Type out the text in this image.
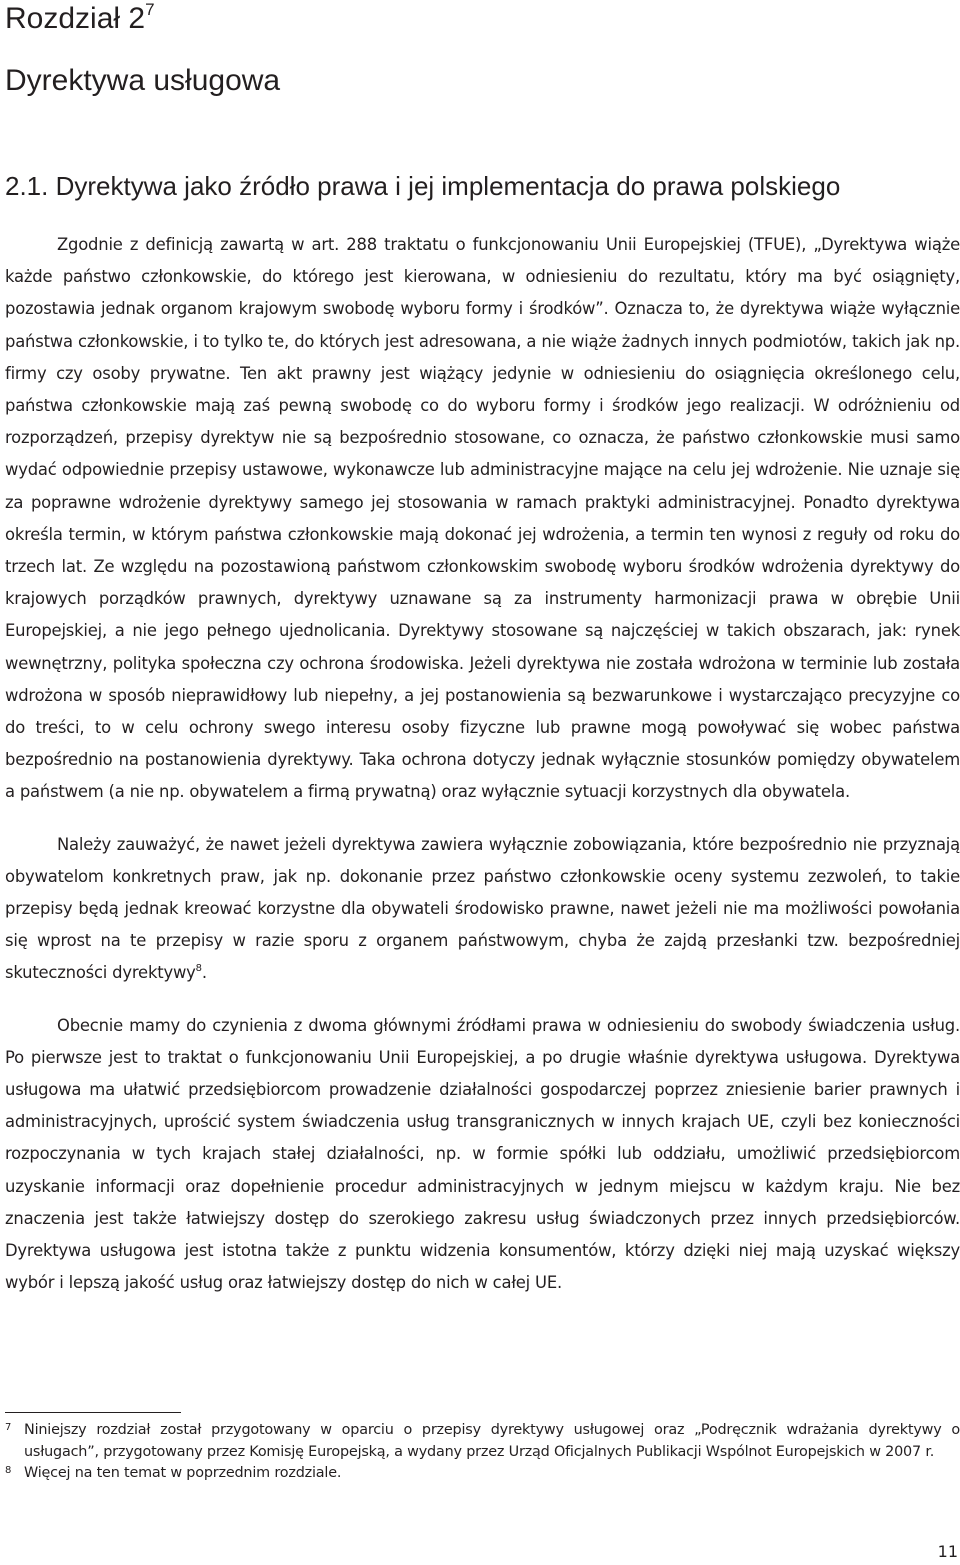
Rozdział $2^7$
Dyrektywa usługowa
2.1. Dyrektywa jako źródło prawa i jej implementacja do prawa polskiego

Zgodnie z definicją zawartą w art. 288 traktatu o funkcjonowaniu Unii Europejskiej (TFUE), „Dyrektywa wiąże każde państwo członkowskie, do którego jest kierowana, w odniesieniu do rezultatu, który ma być osiągnięty, pozostawia jednak organom krajowym swobodę wyboru formy i środków”. Oznacza to, że dyrektywa wiąże wyłącznie państwa członkowskie, i to tylko te, do których jest adresowana, a nie wiąże żadnych innych podmiotów, takich jak np. firmy czy osoby prywatne. Ten akt prawny jest wiążący jedynie w odniesieniu do osiągnięcia określonego celu, państwa członkowskie mają zaś pewną swobodę co do wyboru formy i środków jego realizacji. W odróżnieniu od rozporządzeń, przepisy dyrektyw nie są bezpośrednio stosowane, co oznacza, że państwo członkowskie musi samo wydać odpowiednie przepisy ustawowe, wykonawcze lub administracyjne mające na celu jej wdrożenie. Nie uznaje się za poprawne wdrożenie dyrektywy samego jej stosowania w ramach praktyki administracyjnej. Ponadto dyrektywa określa termin, w którym państwa członkowskie mają dokonać jej wdrożenia, a termin ten wynosi z reguły od roku do trzech lat. Ze względu na pozostawioną państwom członkowskim swobodę wyboru środków wdrożenia dyrektywy do krajowych porządków prawnych, dyrektywy uznawane są za instrumenty harmonizacji prawa w obrębie Unii Europejskiej, a nie jego pełnego ujednolicania. Dyrektywy stosowane są najczęściej w takich obszarach, jak: rynek wewnętrzny, polityka społeczna czy ochrona środowiska. Jeżeli dyrektywa nie została wdrożona w terminie lub została wdrożona w sposób nieprawidłowy lub niepełny, a jej postanowienia są bezwarunkowe i wystarczająco precyzyjne co do treści, to w celu ochrony swego interesu osoby fizyczne lub prawne mogą powoływać się wobec państwa bezpośrednio na postanowienia dyrektywy. Taka ochrona dotyczy jednak wyłącznie stosunków pomiędzy obywatelem a państwem (a nie np. obywatelem a firmą prywatną) oraz wyłącznie sytuacji korzystnych dla obywatela.

Należy zauważyć, że nawet jeżeli dyrektywa zawiera wyłącznie zobowiązania, które bezpośrednio nie przyznają obywatelom konkretnych praw, jak np. dokonanie przez państwo członkowskie oceny systemu zezwoleń, to takie przepisy będą jednak kreować korzystne dla obywateli środowisko prawne, nawet jeżeli nie ma możliwości powołania się wprost na te przepisy w razie sporu z organem państwowym, chyba że zajdą przesłanki tzw. bezpośredniej skuteczności dyrektywy$^8$.

Obecnie mamy do czynienia z dwoma głównymi źródłami prawa w odniesieniu do swobody świadczenia usług. Po pierwsze jest to traktat o funkcjonowaniu Unii Europejskiej, a po drugie właśnie dyrektywa usługowa. Dyrektywa usługowa ma ułatwić przedsiębiorcom prowadzenie działalności gospodarczej poprzez zniesienie barier prawnych i administracyjnych, uprościć system świadczenia usług transgranicznych w innych krajach UE, czyli bez konieczności rozpoczynania w tych krajach stałej działalności, np. w formie spółki lub oddziału, umożliwić przedsiębiorcom uzyskanie informacji oraz dopełnienie procedur administracyjnych w jednym miejscu w każdym kraju. Nie bez znaczenia jest także łatwiejszy dostęp do szerokiego zakresu usług świadczonych przez innych przedsiębiorców. Dyrektywa usługowa jest istotna także z punktu widzenia konsumentów, którzy dzięki niej mają uzyskać większy wybór i lepszą jakość usług oraz łatwiejszy dostęp do nich w całej UE.

7 Niniejszy rozdział został przygotowany w oparciu o przepisy dyrektywy usługowej oraz „Podręcznik wdrażania dyrektywy o usługach”, przygotowany przez Komisję Europejską, a wydany przez Urząd Oficjalnych Publikacji Wspólnot Europejskich w 2007 r.
8 Więcej na ten temat w poprzednim rozdziale.
11
